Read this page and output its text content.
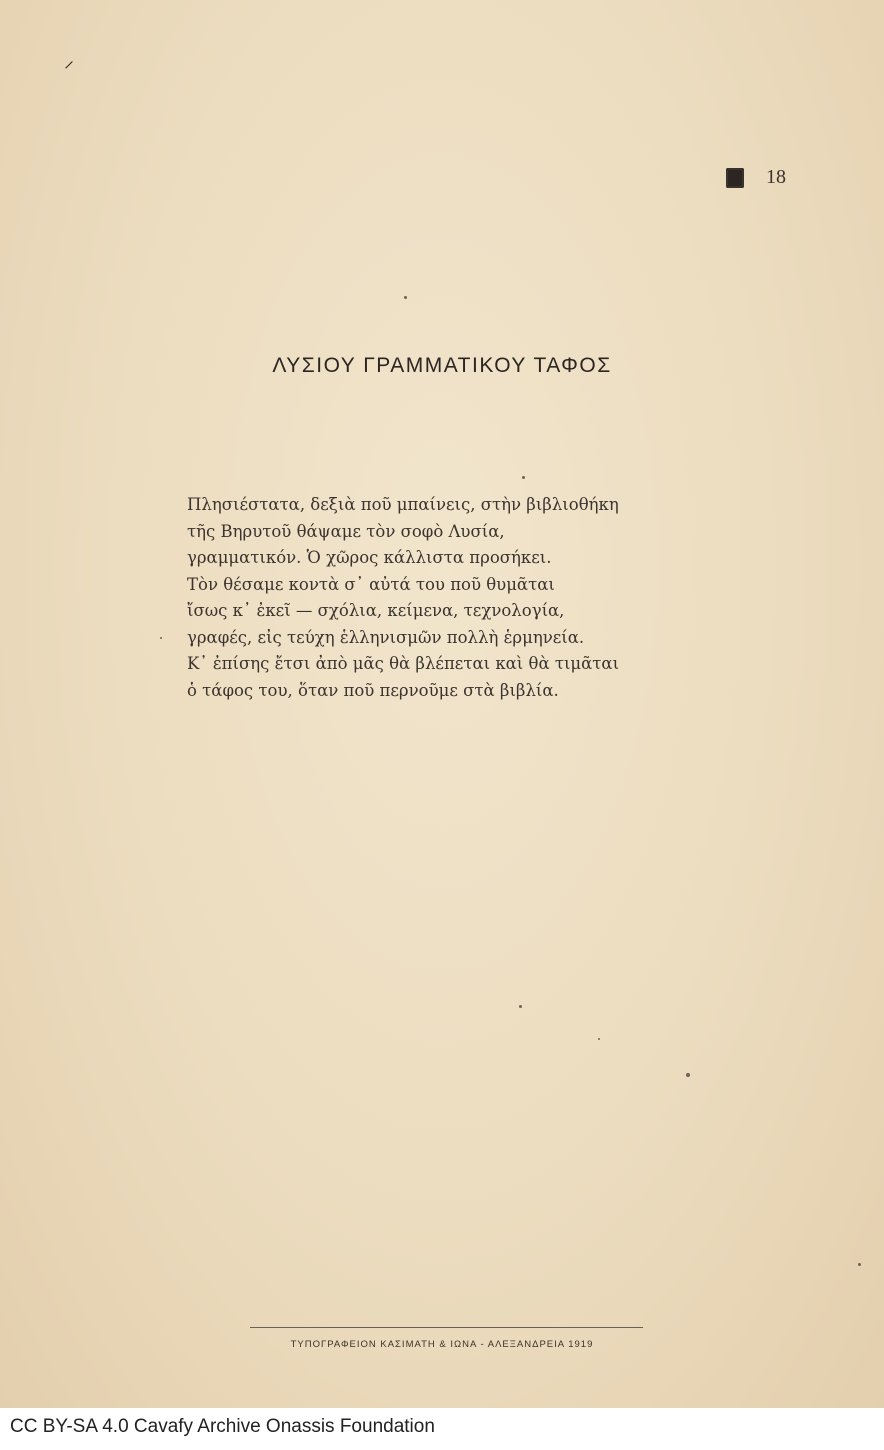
⸝
18
ΛΥΣΙΟΥ ΓΡΑΜΜΑΤΙΚΟΥ ΤΑΦΟΣ
Πλησιέστατα, δεξιὰ ποῦ μπαίνεις, στὴν βιβλιοθήκη
τῆς Βηρυτοῦ θάψαμε τὸν σοφὸ Λυσία,
γραμματικόν. Ὁ χῶρος κάλλιστα προσήκει.
Τὸν θέσαμε κοντὰ σ᾽ αὐτά του ποῦ θυμᾶται
ἴσως κ᾽ ἐκεῖ — σχόλια, κείμενα, τεχνολογία,
γραφές, εἰς τεύχη ἑλληνισμῶν πολλὴ ἑρμηνεία.
Κ᾽ ἐπίσης ἔτσι ἀπὸ μᾶς θὰ βλέπεται καὶ θὰ τιμᾶται
ὁ τάφος του, ὅταν ποῦ περνοῦμε στὰ βιβλία.
ΤΥΠΟΓΡΑΦΕΙΟΝ ΚΑΣΙΜΑΤΗ & ΙΩΝΑ - ΑΛΕΞΑΝΔΡΕΙΑ 1919
CC BY-SA 4.0 Cavafy Archive Onassis Foundation
